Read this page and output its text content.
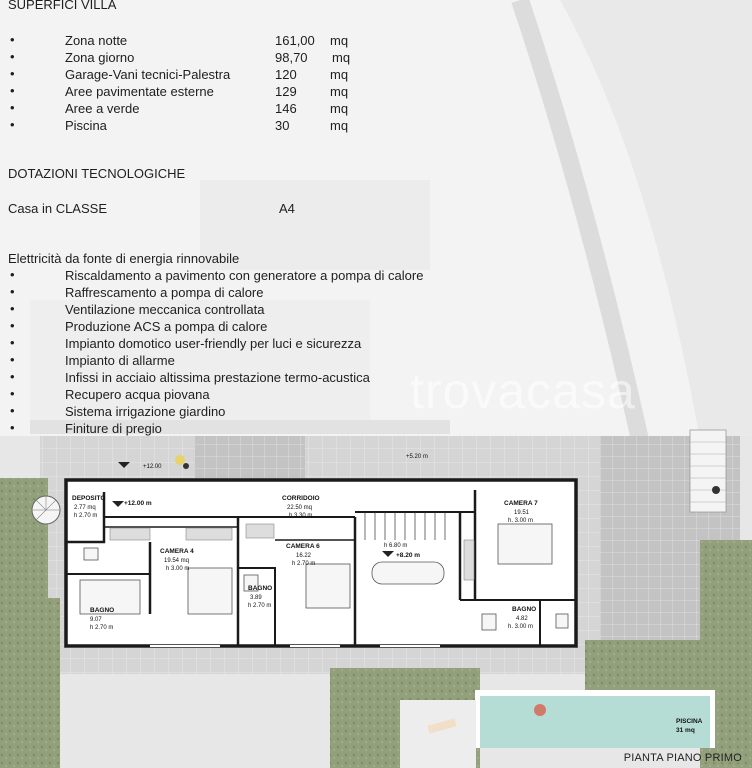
+12.00
+5.20 m
DEPOSITO
2.77 mq
h 2.70 m
+12.00 m
CORRIDOIO
22.50 mq
h 3.30 m
CAMERA 7
19.51
h. 3.00 m
CAMERA 4
19.54 mq
h 3.00 m
CAMERA 6
16.22
h 2.70 m
h 6.80 m
+8.20 m
BAGNO
3.89
h 2.70 m
BAGNO
9.07
h 2.70 m
BAGNO
4.82
h. 3.00 m
PISCINA
31 mq
trovacasa
SUPERFICI VILLA
•	Zona notte	161,00 mq
•	Zona giorno	98,70 mq
•	Garage-Vani tecnici-Palestra	120	mq
•	Aree pavimentate esterne	129	mq
•	Aree a verde	146	mq
•	Piscina	30	mq
DOTAZIONI TECNOLOGICHE
Casa in CLASSE	A4
Elettricità da fonte di energia rinnovabile
•	Riscaldamento a pavimento con generatore a pompa di calore
•	Raffrescamento a pompa di calore
•	Ventilazione meccanica controllata
•	Produzione ACS a pompa di calore
•	Impianto domotico user-friendly per luci e sicurezza
•	Impianto di allarme
•	Infissi in acciaio altissima prestazione termo-acustica
•	Recupero acqua piovana
•	Sistema irrigazione giardino
•	Finiture di pregio
PIANTA PIANO PRIMO
